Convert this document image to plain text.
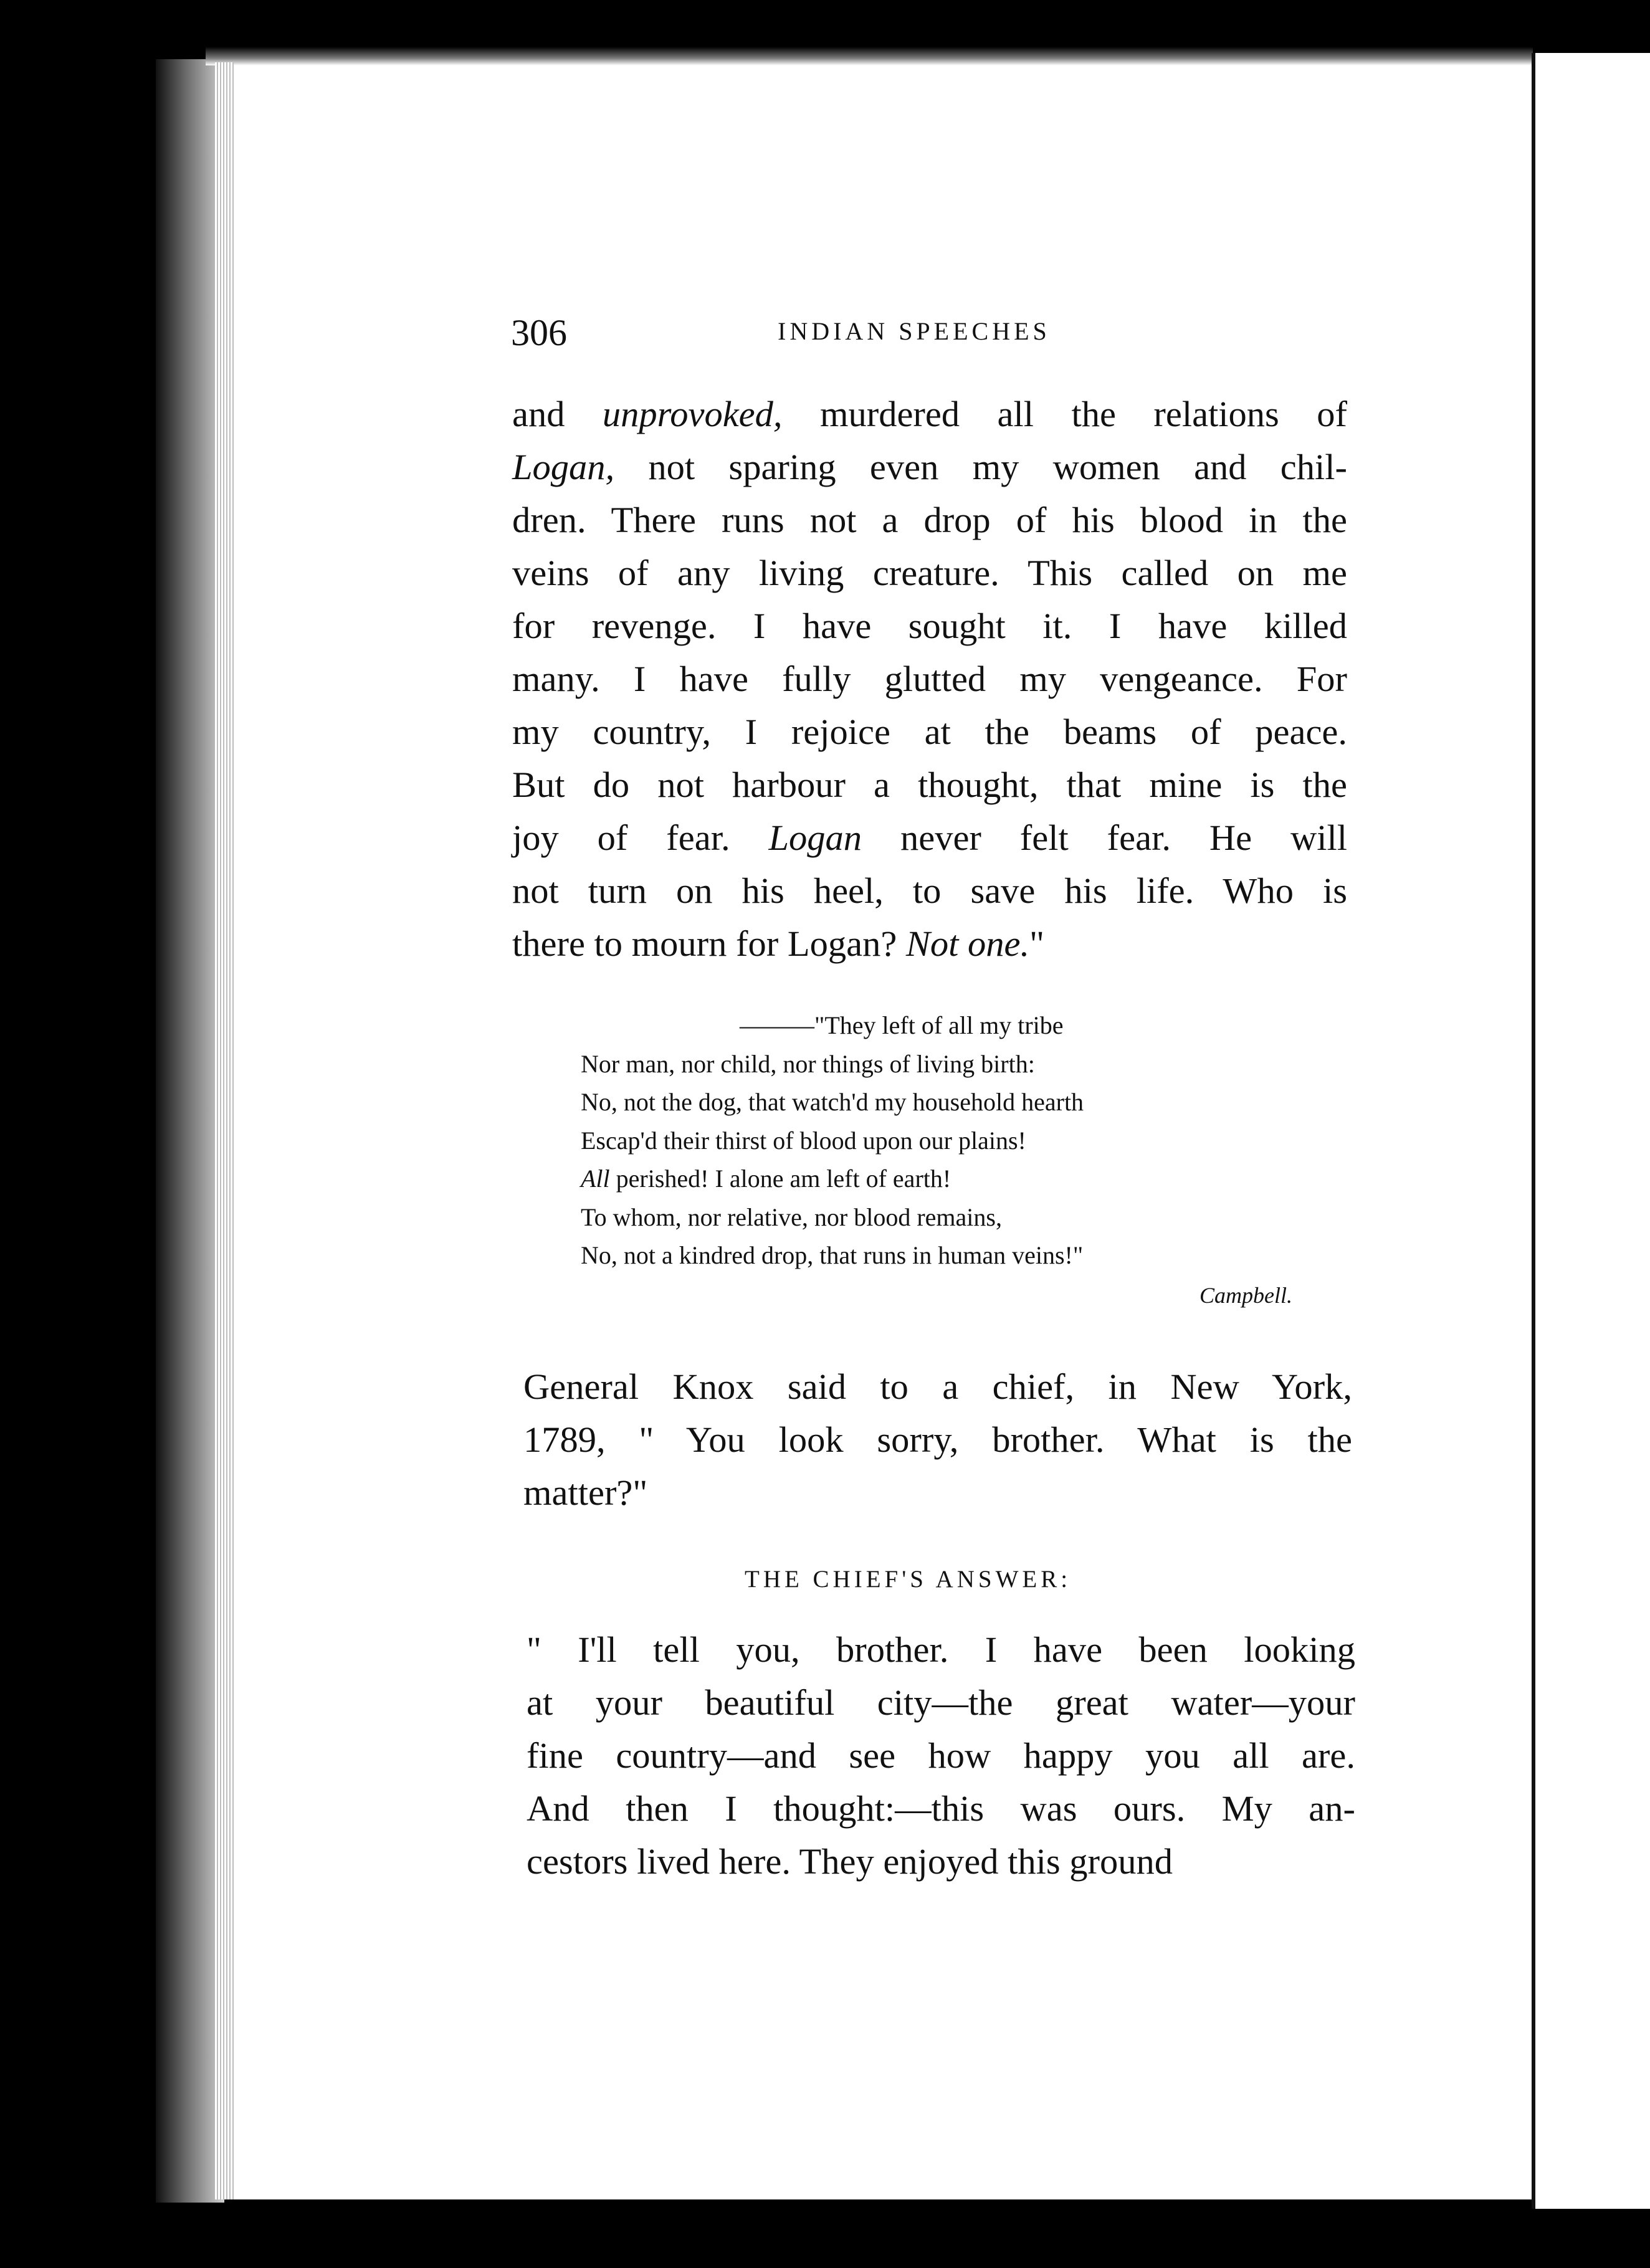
306	INDIAN SPEECHES
and unprovoked, murdered all the relations of
Logan, not sparing even my women and chil-
dren. There runs not a drop of his blood in the
veins of any living creature. This called on me
for revenge. I have sought it. I have killed
many. I have fully glutted my vengeance. For
my country, I rejoice at the beams of peace.
But do not harbour a thought, that mine is the
joy of fear. Logan never felt fear. He will
not turn on his heel, to save his life. Who is
there to mourn for Logan? Not one."
———"They left of all my tribe
Nor man, nor child, nor things of living birth:
No, not the dog, that watch'd my household hearth
Escap'd their thirst of blood upon our plains!
All perished! I alone am left of earth!
To whom, nor relative, nor blood remains,
No, not a kindred drop, that runs in human veins!"
Campbell.
General Knox said to a chief, in New York,
1789, " You look sorry, brother. What is the
matter?"
THE CHIEF'S ANSWER:
" I'll tell you, brother. I have been looking
at your beautiful city—the great water—your
fine country—and see how happy you all are.
And then I thought:—this was ours. My an-
cestors lived here. They enjoyed this ground
